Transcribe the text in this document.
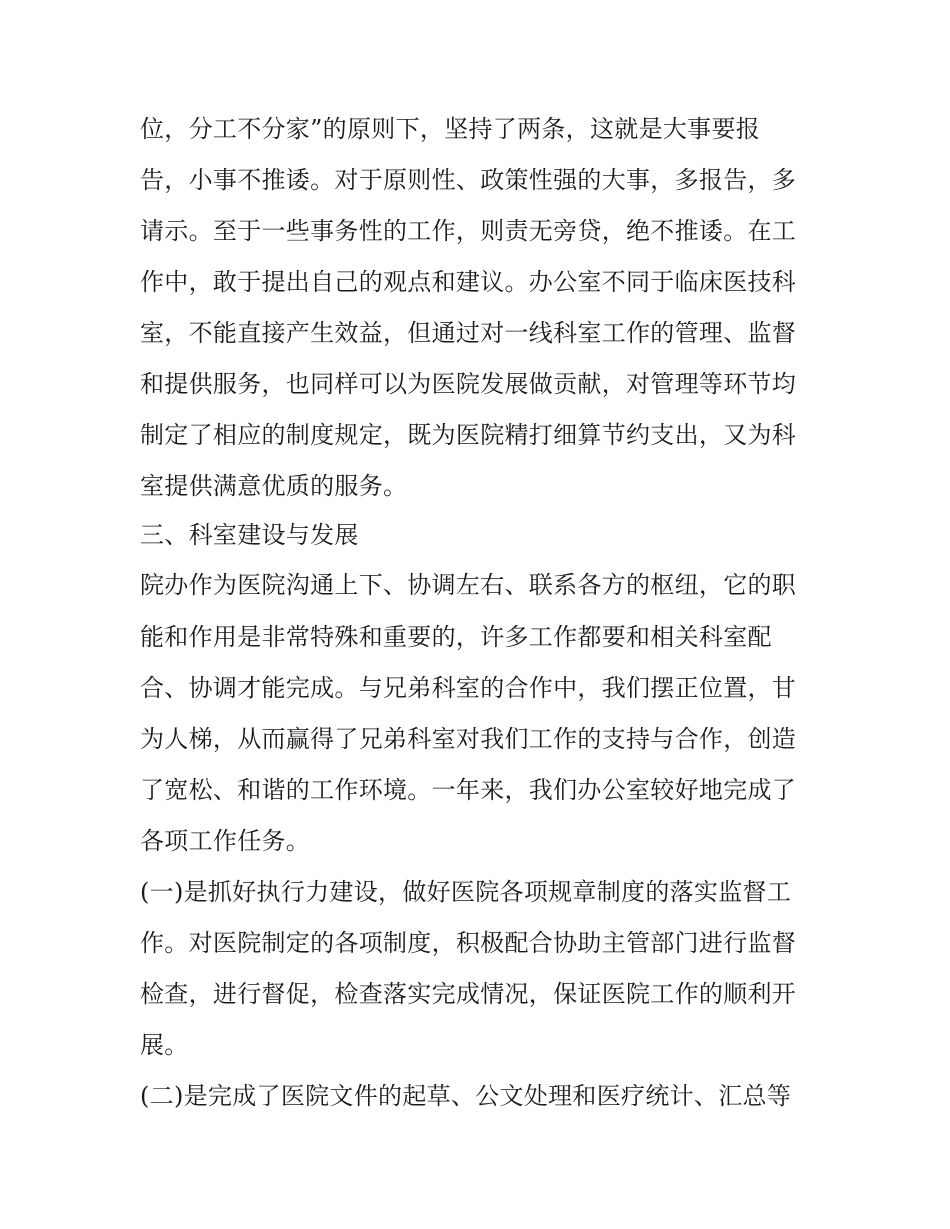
位，分工不分家”的原则下，坚持了两条，这就是大事要报
告，小事不推诿。对于原则性、政策性强的大事，多报告，多
请示。至于一些事务性的工作，则责无旁贷，绝不推诿。在工
作中，敢于提出自己的观点和建议。办公室不同于临床医技科
室，不能直接产生效益，但通过对一线科室工作的管理、监督
和提供服务，也同样可以为医院发展做贡献，对管理等环节均
制定了相应的制度规定，既为医院精打细算节约支出，又为科
室提供满意优质的服务。
三、科室建设与发展
院办作为医院沟通上下、协调左右、联系各方的枢纽，它的职
能和作用是非常特殊和重要的，许多工作都要和相关科室配
合、协调才能完成。与兄弟科室的合作中，我们摆正位置，甘
为人梯，从而赢得了兄弟科室对我们工作的支持与合作，创造
了宽松、和谐的工作环境。一年来，我们办公室较好地完成了
各项工作任务。
(一)是抓好执行力建设，做好医院各项规章制度的落实监督工
作。对医院制定的各项制度，积极配合协助主管部门进行监督
检查，进行督促，检查落实完成情况，保证医院工作的顺利开
展。
(二)是完成了医院文件的起草、公文处理和医疗统计、汇总等
